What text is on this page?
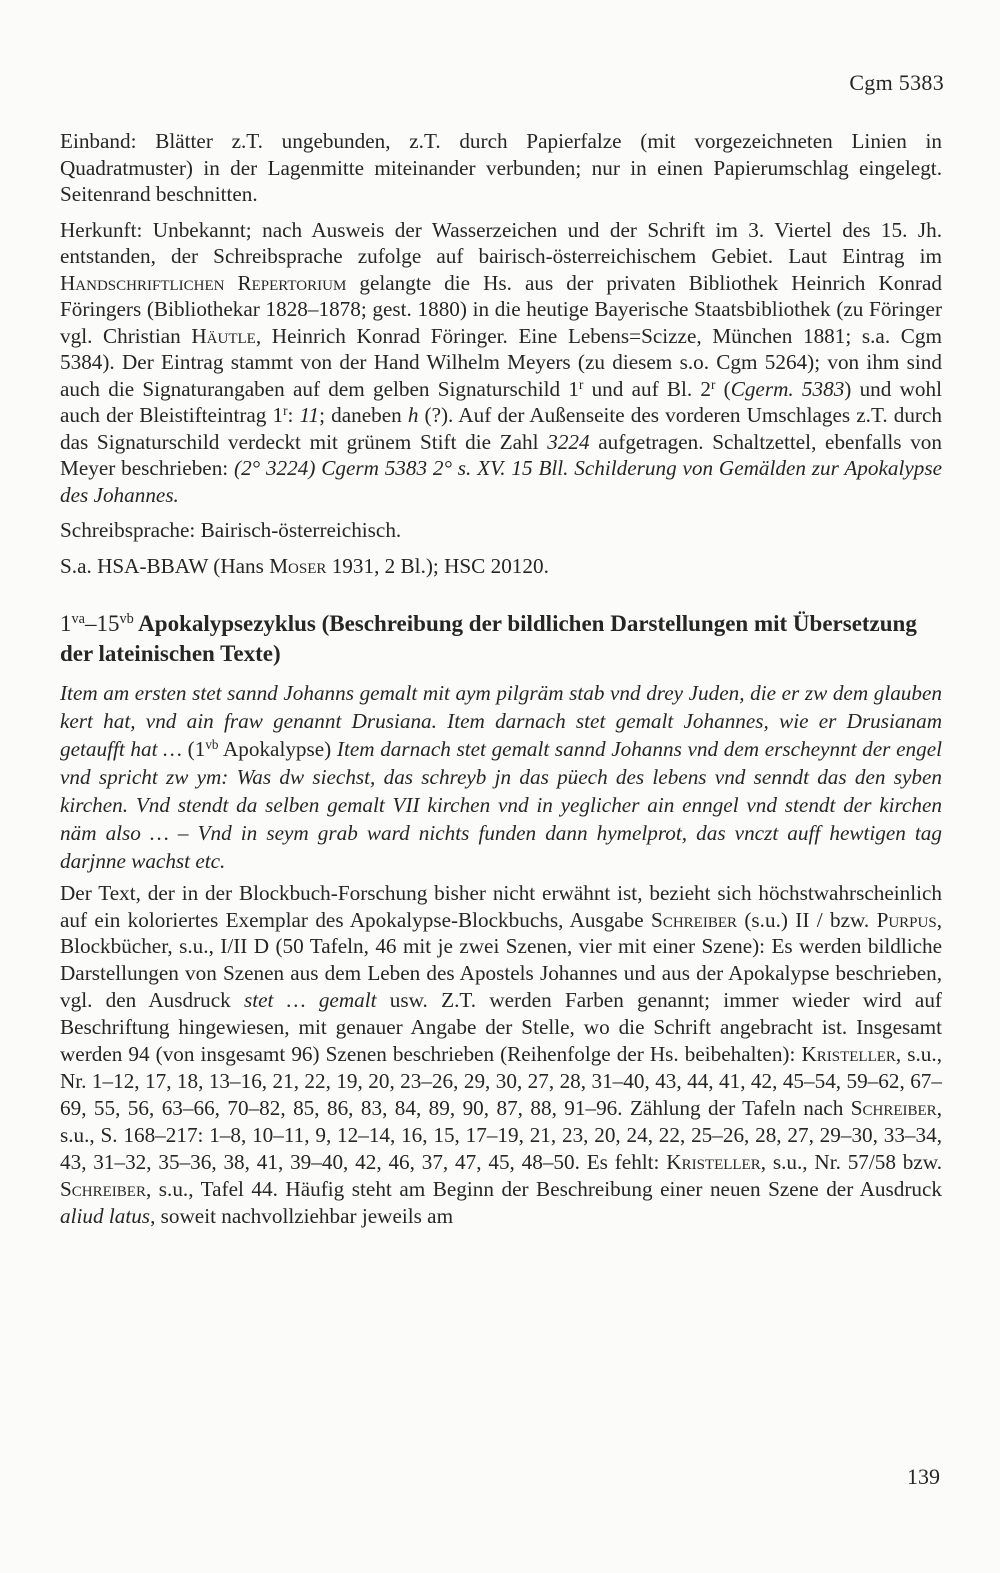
Cgm 5383

Einband: Blätter z.T. ungebunden, z.T. durch Papierfalze (mit vorgezeichneten Linien in Quadratmuster) in der Lagenmitte miteinander verbunden; nur in einen Papierumschlag eingelegt. Seitenrand beschnitten.

Herkunft: Unbekannt; nach Ausweis der Wasserzeichen und der Schrift im 3. Viertel des 15. Jh. entstanden, der Schreibsprache zufolge auf bairisch-österreichischem Gebiet. Laut Eintrag im Handschriftlichen Repertorium gelangte die Hs. aus der privaten Bibliothek Heinrich Konrad Föringers (Bibliothekar 1828–1878; gest. 1880) in die heutige Bayerische Staatsbibliothek (zu Föringer vgl. Christian Häutle, Heinrich Konrad Föringer. Eine Lebens=Scizze, München 1881; s.a. Cgm 5384). Der Eintrag stammt von der Hand Wilhelm Meyers (zu diesem s.o. Cgm 5264); von ihm sind auch die Signaturangaben auf dem gelben Signaturschild 1$^r$ und auf Bl. 2$^r$ (Cgerm. 5383) und wohl auch der Bleistifteintrag 1$^r$: 11; daneben h (?). Auf der Außenseite des vorderen Umschlages z.T. durch das Signaturschild verdeckt mit grünem Stift die Zahl 3224 aufgetragen. Schaltzettel, ebenfalls von Meyer beschrieben: (2° 3224) Cgerm 5383 2° s. XV. 15 Bll. Schilderung von Gemälden zur Apokalypse des Johannes.

Schreibsprache: Bairisch-österreichisch.

S.a. HSA-BBAW (Hans Moser 1931, 2 Bl.); HSC 20120.

$1^{va}-15^{vb}$ Apokalypsezyklus (Beschreibung der bildlichen Darstellungen mit Übersetzung der lateinischen Texte)

Item am ersten stet sannd Johanns gemalt mit aym pilgräm stab vnd drey Juden, die er zw dem glauben kert hat, vnd ain fraw genannt Drusiana. Item darnach stet gemalt Johannes, wie er Drusianam getaufft hat … ($1^{vb}$ Apokalypse) Item darnach stet gemalt sannd Johanns vnd dem erscheynnt der engel vnd spricht zw ym: Was dw siechst, das schreyb jn das püech des lebens vnd senndt das den syben kirchen. Vnd stendt da selben gemalt VII kirchen vnd in yeglicher ain enngel vnd stendt der kirchen näm also … – Vnd in seym grab ward nichts funden dann hymelprot, das vnczt auff hewtigen tag darjnne wachst etc.

Der Text, der in der Blockbuch-Forschung bisher nicht erwähnt ist, bezieht sich höchstwahrscheinlich auf ein koloriertes Exemplar des Apokalypse-Blockbuchs, Ausgabe Schreiber (s.u.) II / bzw. Purpus, Blockbücher, s.u., I/II D (50 Tafeln, 46 mit je zwei Szenen, vier mit einer Szene): Es werden bildliche Darstellungen von Szenen aus dem Leben des Apostels Johannes und aus der Apokalypse beschrieben, vgl. den Ausdruck stet … gemalt usw. Z.T. werden Farben genannt; immer wieder wird auf Beschriftung hingewiesen, mit genauer Angabe der Stelle, wo die Schrift angebracht ist. Insgesamt werden 94 (von insgesamt 96) Szenen beschrieben (Reihenfolge der Hs. beibehalten): Kristeller, s.u., Nr. 1–12, 17, 18, 13–16, 21, 22, 19, 20, 23–26, 29, 30, 27, 28, 31–40, 43, 44, 41, 42, 45–54, 59–62, 67–69, 55, 56, 63–66, 70–82, 85, 86, 83, 84, 89, 90, 87, 88, 91–96. Zählung der Tafeln nach Schreiber, s.u., S. 168–217: 1–8, 10–11, 9, 12–14, 16, 15, 17–19, 21, 23, 20, 24, 22, 25–26, 28, 27, 29–30, 33–34, 43, 31–32, 35–36, 38, 41, 39–40, 42, 46, 37, 47, 45, 48–50. Es fehlt: Kristeller, s.u., Nr. 57/58 bzw. Schreiber, s.u., Tafel 44. Häufig steht am Beginn der Beschreibung einer neuen Szene der Ausdruck aliud latus, soweit nachvollziehbar jeweils am

139
